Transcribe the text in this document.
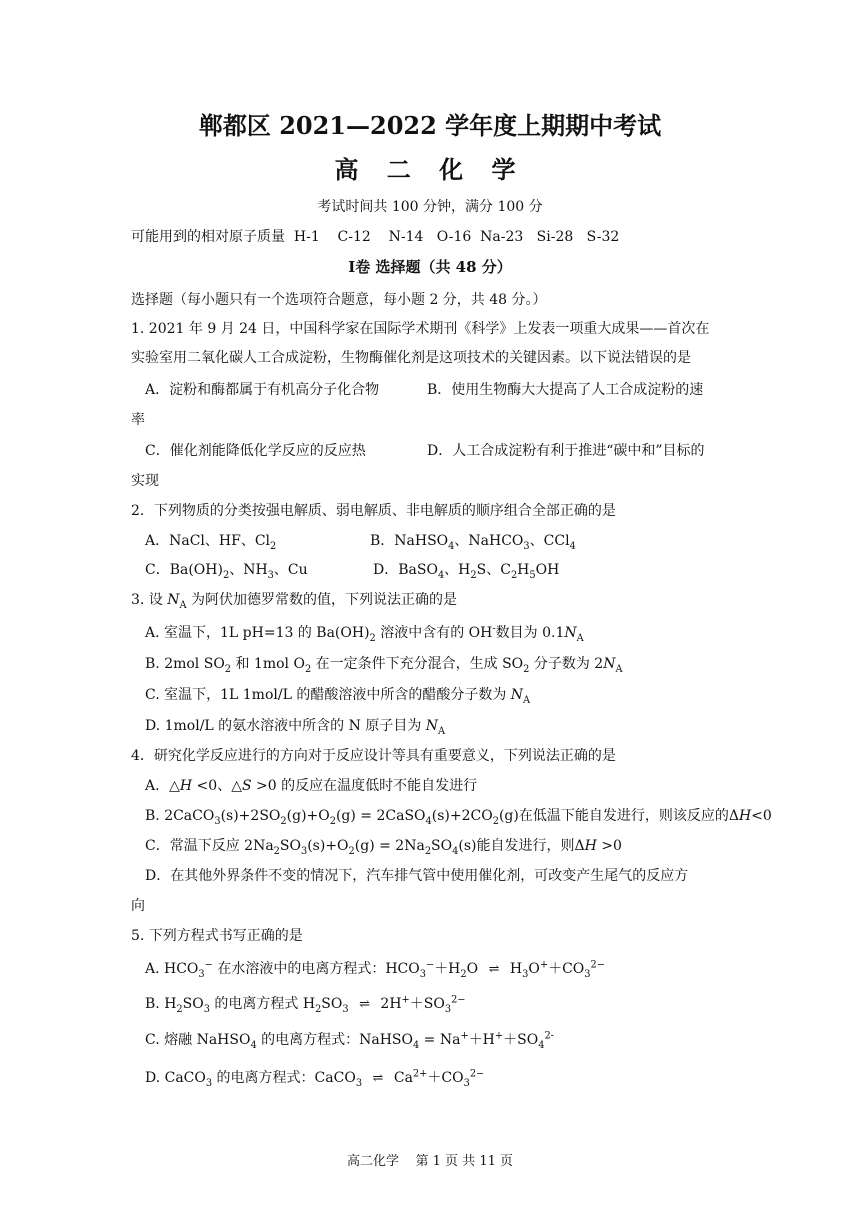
郸都区 2021—2022 学年度上期期中考试
高 二 化 学
考试时间共 100 分钟，满分 100 分
可能用到的相对原子质量  H-1    C-12    N-14   O-16  Na-23   Si-28   S-32
I卷 选择题（共 48 分）
选择题（每小题只有一个选项符合题意，每小题 2 分，共 48 分。）
1. 2021 年 9 月 24 日，中国科学家在国际学术期刊《科学》上发表一项重大成果——首次在
实验室用二氧化碳人工合成淀粉，生物酶催化剂是这项技术的关键因素。以下说法错误的是
A．淀粉和酶都属于有机高分子化合物	B．使用生物酶大大提高了人工合成淀粉的速
率
C．催化剂能降低化学反应的反应热	D．人工合成淀粉有利于推进“碳中和”目标的
实现
2．下列物质的分类按强电解质、弱电解质、非电解质的顺序组合全部正确的是
A．NaCl、HF、$Cl_2$	B．NaHSO$_4$、NaHCO$_3$、CCl$_4$
C．$Ba(OH)_2$、$NH_3$、Cu	D．BaSO$_4$、$H_2S$、$C_2H_5OH$
3. 设 $N_A$ 为阿伏加德罗常数的值，下列说法正确的是
A. 室温下，1L pH=13 的 $Ba(OH)_2$ 溶液中含有的 OH-数目为 $0.1N_A$
B. 2mol $SO_2$ 和 1mol $O_2$ 在一定条件下充分混合，生成 $SO_2$ 分子数为 $2N_A$
C. 室温下，1L 1mol/L 的醋酸溶液中所含的醋酸分子数为 $N_A$
D. 1mol/L 的氨水溶液中所含的 N 原子目为 $N_A$
4．研究化学反应进行的方向对于反应设计等具有重要意义，下列说法正确的是
A．△H <0、△S >0 的反应在温度低时不能自发进行
B. $2CaCO_3(s)+2SO_2(g)+O_2(g)$ = $2CaSO_4(s)+2CO_2(g)$在低温下能自发进行，则该反应的ΔH<0
C．常温下反应 $2Na_2SO_3(s)+O_2(g) = 2Na_2SO_4(s)$能自发进行，则ΔH >0
D．在其他外界条件不变的情况下，汽车排气管中使用催化剂，可改变产生尾气的反应方
向
5. 下列方程式书写正确的是
A. $HCO_3^-$ 在水溶液中的电离方程式：$HCO_3^-+H_2O$ ⇌ $H_3O^++CO_3^{2-}$
B. $H_2SO_3$ 的电离方程式 $H_2SO_3$ ⇌ $2H^++SO_3^{2-}$
C. 熔融 NaHSO$_4$ 的电离方程式：NaHSO$_4$ = $Na^++H^++SO_4^{2-}$
D. CaCO$_3$ 的电离方程式：CaCO$_3$ ⇌ $Ca^{2+}+CO_3^{2-}$
高二化学    第 1 页 共 11 页
